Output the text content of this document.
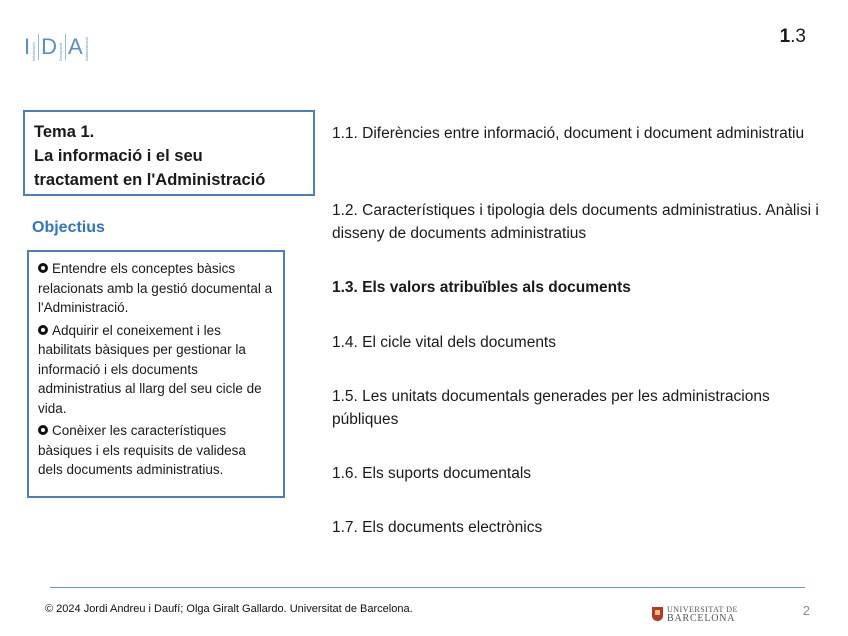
I Informació D Document A Administració
1.3
Tema 1.
La informació i el seu
tractament en l'Administració
Objectius
Entendre els conceptes bàsics relacionats amb la gestió documental a l'Administració.
Adquirir el coneixement i les habilitats bàsiques per gestionar la informació i els documents administratius al llarg del seu cicle de vida.
Conèixer les característiques bàsiques i els requisits de validesa dels documents administratius.
1.1. Diferències entre informació, document i document administratiu
1.2. Característiques i tipologia dels documents administratius. Anàlisi i disseny de documents administratius
1.3. Els valors atribuïbles als documents
1.4. El cicle vital dels documents
1.5. Les unitats documentals generades per les administracions públiques
1.6. Els suports documentals
1.7. Els documents electrònics
© 2024 Jordi Andreu i Daufí; Olga Giralt Gallardo. Universitat de Barcelona.	UNIVERSITAT DE
BARCELONA
2
